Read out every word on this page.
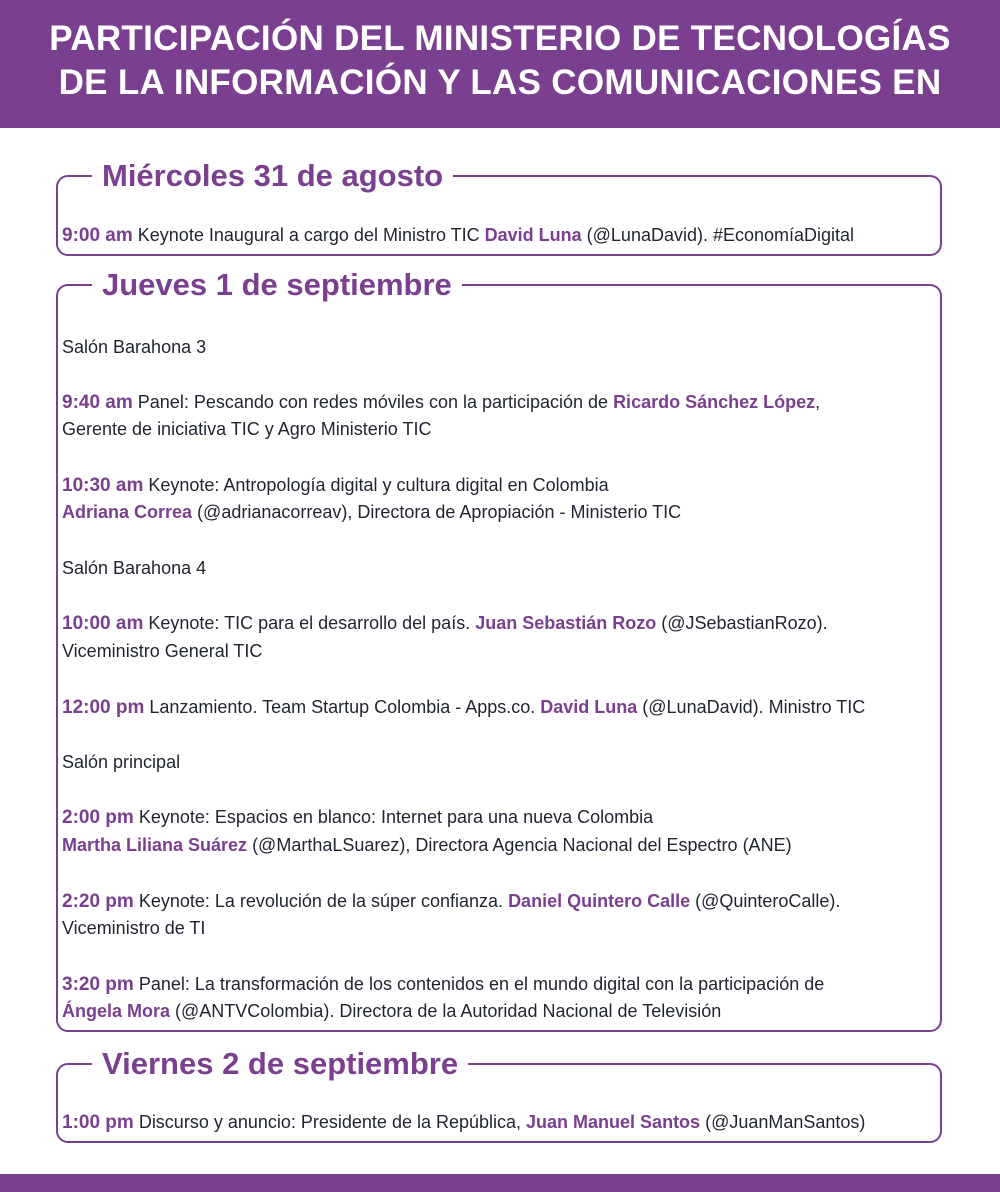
PARTICIPACIÓN DEL MINISTERIO DE TECNOLOGÍAS
DE LA INFORMACIÓN Y LAS COMUNICACIONES EN
Miércoles 31 de agosto
9:00 am Keynote Inaugural a cargo del Ministro TIC David Luna (@LunaDavid). #EconomíaDigital
Jueves 1 de septiembre
Salón Barahona 3
9:40 am Panel: Pescando con redes móviles con la participación de Ricardo Sánchez López,
Gerente de iniciativa TIC y Agro Ministerio TIC
10:30 am Keynote: Antropología digital y cultura digital en Colombia
Adriana Correa (@adrianacorreav), Directora de Apropiación - Ministerio TIC
Salón Barahona 4
10:00 am Keynote: TIC para el desarrollo del país. Juan Sebastián Rozo (@JSebastianRozo).
Viceministro General TIC
12:00 pm Lanzamiento. Team Startup Colombia - Apps.co. David Luna (@LunaDavid). Ministro TIC
Salón principal
2:00 pm Keynote: Espacios en blanco: Internet para una nueva Colombia
Martha Liliana Suárez (@MarthaLSuarez), Directora Agencia Nacional del Espectro (ANE)
2:20 pm Keynote: La revolución de la súper confianza. Daniel Quintero Calle (@QuinteroCalle).
Viceministro de TI
3:20 pm Panel: La transformación de los contenidos en el mundo digital con la participación de
Ángela Mora (@ANTVColombia). Directora de la Autoridad Nacional de Televisión
Viernes 2 de septiembre
1:00 pm Discurso y anuncio: Presidente de la República, Juan Manuel Santos (@JuanManSantos)
